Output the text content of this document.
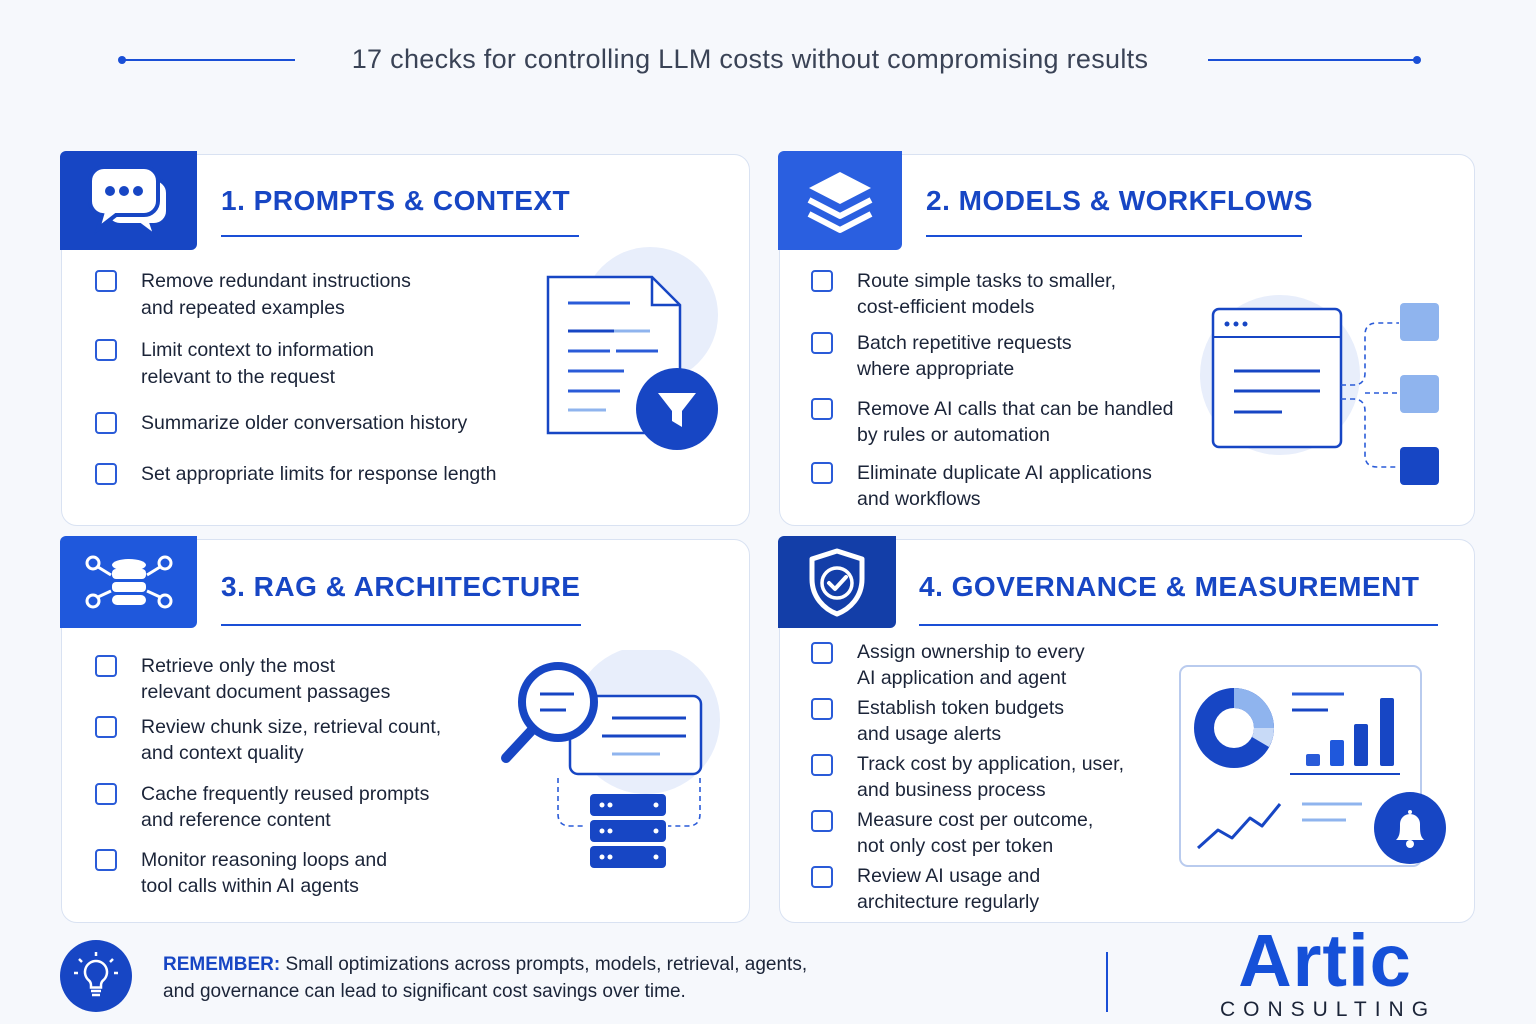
17 checks for controlling LLM costs without compromising results
1. PROMPTS & CONTEXT
Remove redundant instructions
and repeated examples
Limit context to information
relevant to the request
Summarize older conversation history
Set appropriate limits for response length
2. MODELS & WORKFLOWS
Route simple tasks to smaller,
cost-efficient models
Batch repetitive requests
where appropriate
Remove AI calls that can be handled
by rules or automation
Eliminate duplicate AI applications
and workflows
3. RAG & ARCHITECTURE
Retrieve only the most
relevant document passages
Review chunk size, retrieval count,
and context quality
Cache frequently reused prompts
and reference content
Monitor reasoning loops and
tool calls within AI agents
4. GOVERNANCE & MEASUREMENT
Assign ownership to every
AI application and agent
Establish token budgets
and usage alerts
Track cost by application, user,
and business process
Measure cost per outcome,
not only cost per token
Review AI usage and
architecture regularly
REMEMBER: Small optimizations across prompts, models, retrieval, agents, and governance can lead to significant cost savings over time.	Artic
CONSULTING
